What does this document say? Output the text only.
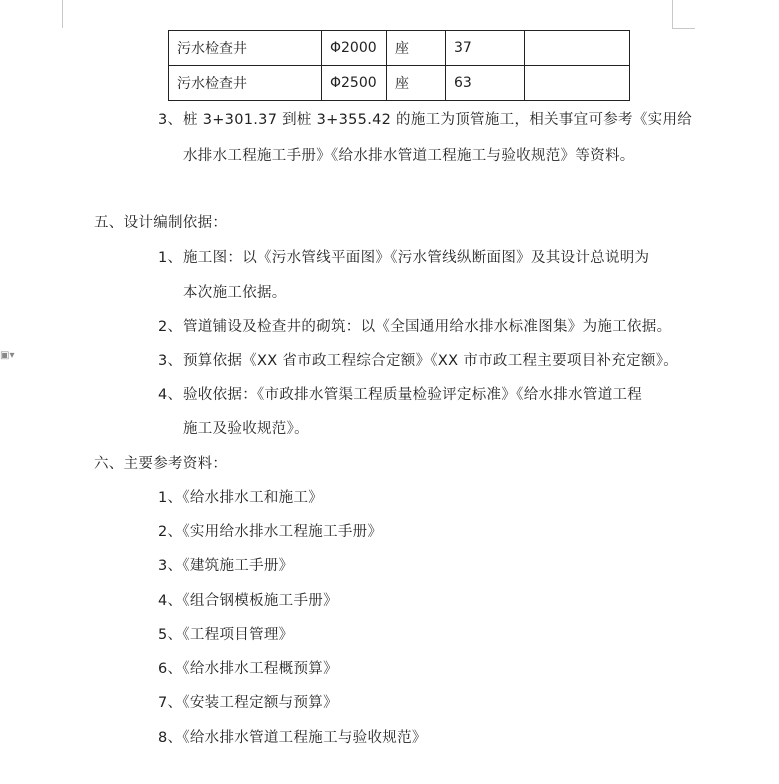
▣▾
污水检查井	Φ2000	座	37	
污水检查井	Φ2500	座	63	
3、 桩 3+301.37 到桩 3+355.42 的施工为顶管施工，相关事宜可参考《实用给
水排水工程施工手册》《给水排水管道工程施工与验收规范》等资料。
五、设计编制依据：
1、 施工图：以《污水管线平面图》《污水管线纵断面图》及其设计总说明为
本次施工依据。
2、 管道铺设及检查井的砌筑：以《全国通用给水排水标准图集》为施工依据。
3、 预算依据《XX 省市政工程综合定额》《XX 市市政工程主要项目补充定额》。
4、 验收依据：《市政排水管渠工程质量检验评定标准》《给水排水管道工程
施工及验收规范》。
六、主要参考资料：
1、《给水排水工和施工》
2、《实用给水排水工程施工手册》
3、《建筑施工手册》
4、《组合钢模板施工手册》
5、《工程项目管理》
6、《给水排水工程概预算》
7、《安装工程定额与预算》
8、《给水排水管道工程施工与验收规范》
